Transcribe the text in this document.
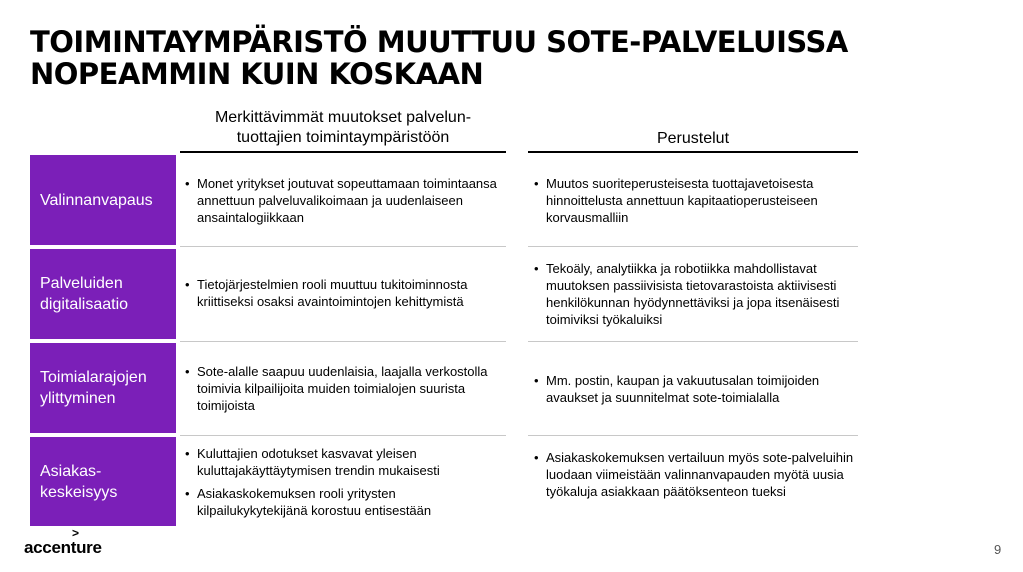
TOIMINTAYMPÄRISTÖ MUUTTUU SOTE-PALVELUISSA
NOPEAMMIN KUIN KOSKAAN
Merkittävimmät muutokset palvelun-
tuottajien toimintaympäristöön	Perustelut
Valinnanvapaus
• Monet yritykset joutuvat sopeuttamaan toimintaansa annettuun palveluvalikoimaan ja uudenlaiseen ansaintalogiikkaan
• Muutos suoriteperusteisesta tuottajavetoisesta hinnoittelusta annettuun kapitaatioperusteiseen korvausmalliin
Palveluiden
digitalisaatio
• Tietojärjestelmien rooli muuttuu tukitoiminnosta kriittiseksi osaksi avaintoimintojen kehittymistä
• Tekoäly, analytiikka ja robotiikka mahdollistavat muutoksen passiivisista tietovarastoista aktiivisesti henkilökunnan hyödynnettäviksi ja jopa itsenäisesti toimiviksi työkaluiksi
Toimialarajojen
ylittyminen
• Sote-alalle saapuu uudenlaisia, laajalla verkostolla toimivia kilpailijoita muiden toimialojen suurista toimijoista
• Mm. postin, kaupan ja vakuutusalan toimijoiden avaukset ja suunnitelmat sote-toimialalla
Asiakas-
keskeisyys
• Kuluttajien odotukset kasvavat yleisen kuluttajakäyttäytymisen trendin mukaisesti
• Asiakaskokemuksen rooli yritysten kilpailukykytekijänä korostuu entisestään
• Asiakaskokemuksen vertailuun myös sote-palveluihin luodaan viimeistään valinnanvapauden myötä uusia työkaluja asiakkaan päätöksenteon tueksi
>
accenture	9
